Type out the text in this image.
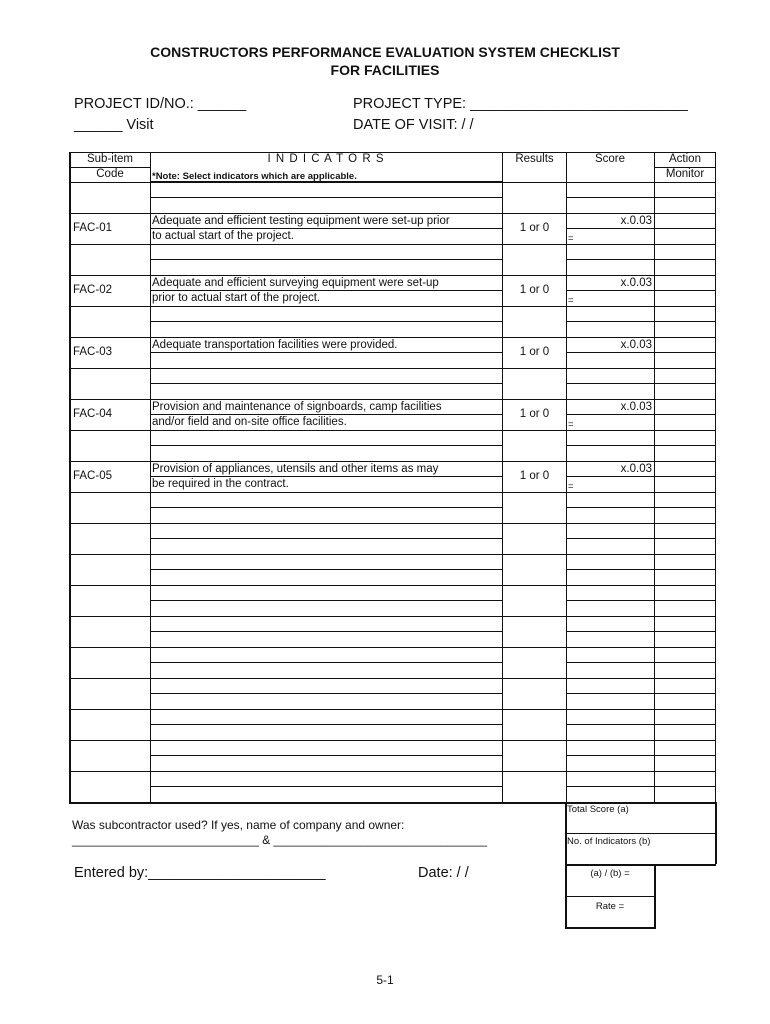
CONSTRUCTORS PERFORMANCE EVALUATION SYSTEM CHECKLIST
FOR FACILITIES
PROJECT ID/NO.: ______
______ Visit
PROJECT TYPE: ___________________________
DATE OF VISIT: / /
Sub-item
Code
I N D I C A T O R S
*Note: Select indicators which are applicable.
Results	Score	Action
Monitor
FAC-01
Adequate and efficient testing equipment were set-up prior
to actual start of the project.
1 or 0
x.0.03
=
FAC-02
Adequate and efficient surveying equipment were set-up
prior to actual start of the project.
1 or 0
x.0.03
=
FAC-03
Adequate transportation facilities were provided.
1 or 0
x.0.03
FAC-04
Provision and maintenance of signboards, camp facilities
and/or field and on-site office facilities.
1 or 0
x.0.03
=
FAC-05
Provision of appliances, utensils and other items as may
be required in the contract.
1 or 0
x.0.03
=
Was subcontractor used? If yes, name of company and owner:
____________________________ & ________________________________
Entered by:______________________	Date: / /
Total Score (a)
No. of Indicators (b)
(a) / (b) =
Rate =
5-1
